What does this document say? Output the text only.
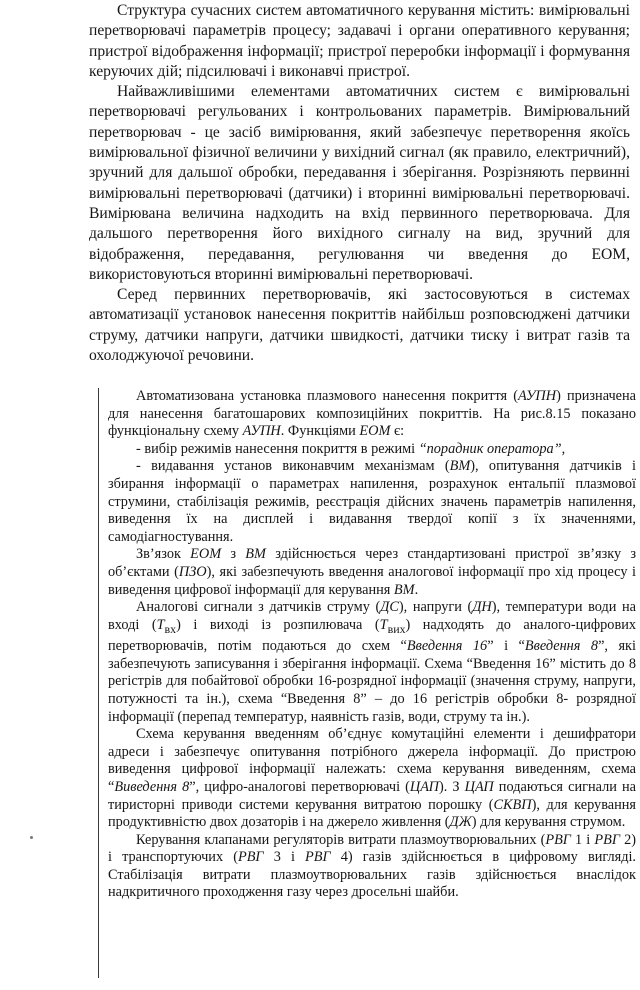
Структура сучасних систем автоматичного керування містить: вимірювальні перетворювачі параметрів процесу; задавачі і органи оперативного керування; пристрої відображення інформації; пристрої переробки інформації і формування керуючих дій; підсилювачі і виконавчі пристрої.

Найважливішими елементами автоматичних систем є вимірювальні перетворювачі регульованих і контрольованих параметрів. Вимірювальний перетворювач - це засіб вимірювання, який забезпечує перетворення якоїсь вимірювальної фізичної величини у вихідний сигнал (як правило, електричний), зручний для дальшої обробки, передавання і зберігання. Розрізняють первинні вимірювальні перетворювачі (датчики) і вторинні вимірювальні перетворювачі. Вимірювана величина надходить на вхід первинного перетворювача. Для дальшого перетворення його вихідного сигналу на вид, зручний для відображення, передавання, регулювання чи введення до ЕОМ, використовуються вторинні вимірювальні перетворювачі.

Серед первинних перетворювачів, які застосовуються в системах автоматизації установок нанесення покриттів найбільш розповсюджені датчики струму, датчики напруги, датчики швидкості, датчики тиску і витрат газів та охолоджуючої речовини.

Автоматизована установка плазмового нанесення покриття (АУПН) призначена для нанесення багатошарових композиційних покриттів. На рис.8.15 показано функціональну схему АУПН. Функціями ЕОМ є:

- вибір режимів нанесення покриття в режимі “порадник оператора”,
- видавання установ виконавчим механізмам (ВМ), опитування датчиків і збирання інформації о параметрах напилення, розрахунок ентальпії плазмової струмини, стабілізація режимів, реєстрація дійсних значень параметрів напилення, виведення їх на дисплей і видавання твердої копії з їх значеннями, самодіагностування.

Зв’язок ЕОМ з ВМ здійснюється через стандартизовані пристрої зв’язку з об’єктами (ПЗО), які забезпечують введення аналогової інформації про хід процесу і виведення цифрової інформації для керування ВМ.

Аналогові сигнали з датчиків струму (ДС), напруги (ДН), температури води на вході $(T_{вх})$ і виході із розпилювача $(T_{вих})$ надходять до аналого-цифрових перетворювачів, потім подаються до схем “Введення 16” і “Введення 8”, які забезпечують записування і зберігання інформації. Схема “Введення 16” містить до 8 регістрів для побайтової обробки 16-розрядної інформації (значення струму, напруги, потужності та ін.), схема “Введення 8” – до 16 регістрів обробки 8- розрядної інформації (перепад температур, наявність газів, води, струму та ін.).

Схема керування введенням об’єднує комутаційні елементи і дешифратори адреси і забезпечує опитування потрібного джерела інформації. До пристрою виведення цифрової інформації належать: схема керування виведенням, схема “Виведення 8”, цифро-аналогові перетворювачі (ЦАП). З ЦАП подаються сигнали на тиристорні приводи системи керування витратою порошку (СКВП), для керування продуктивністю двох дозаторів і на джерело живлення (ДЖ) для керування струмом.

Керування клапанами регуляторів витрати плазмоутворювальних (РВГ 1 і РВГ 2) і транспортуючих (РВГ 3 і РВГ 4) газів здійснюється в цифровому вигляді. Стабілізація витрати плазмоутворювальних газів здійснюється внаслідок надкритичного проходження газу через дросельні шайби.
